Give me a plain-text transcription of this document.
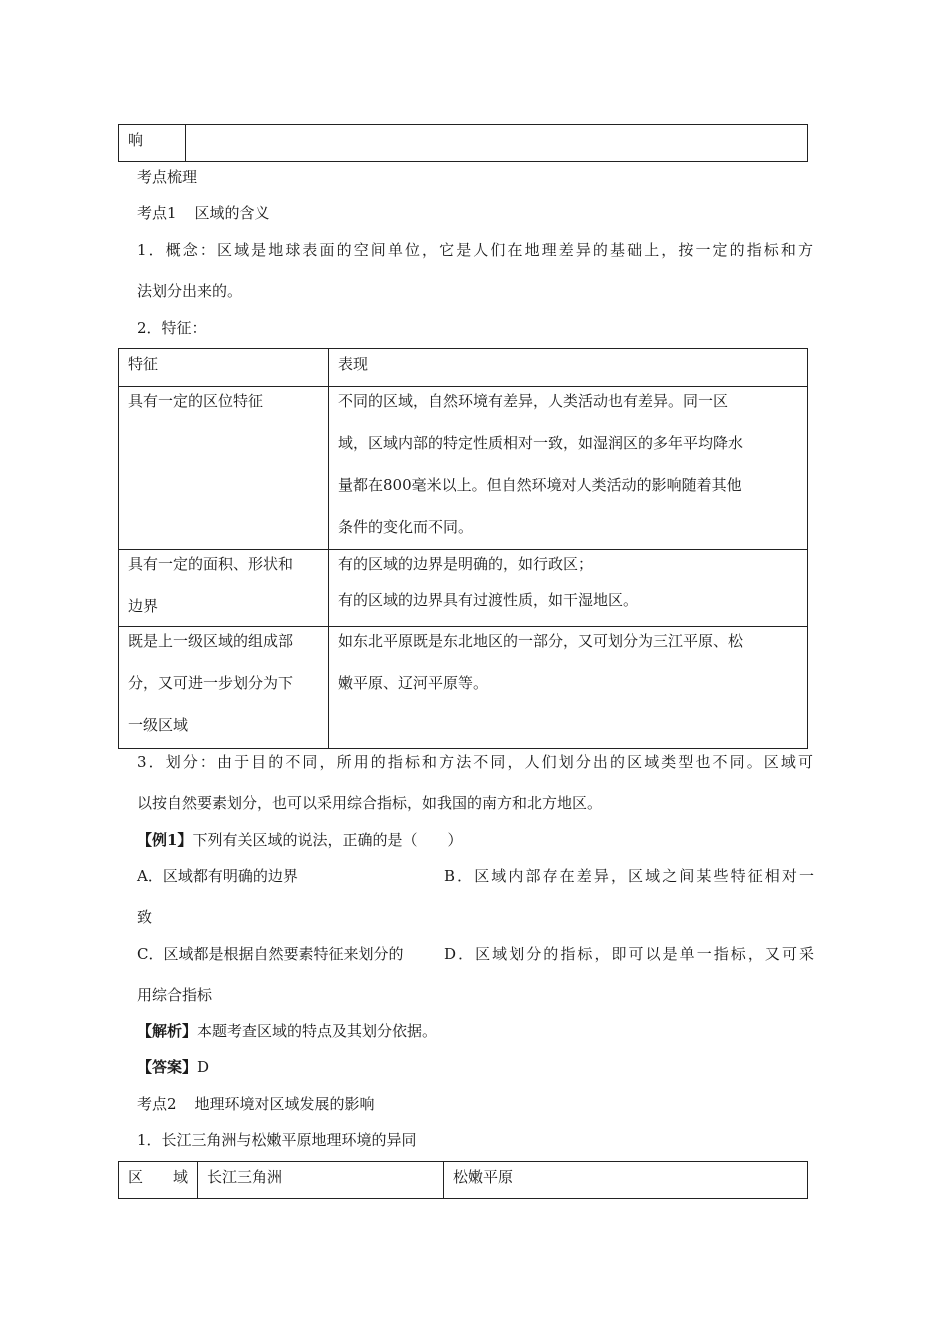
响	
考点梳理
考点1 区域的含义
1．概念：区域是地球表面的空间单位，它是人们在地理差异的基础上，按一定的指标和方
法划分出来的。
2．特征：
特征	表现

具有一定的区位特征	不同的区域，自然环境有差异，人类活动也有差异。同一区
域，区域内部的特定性质相对一致，如湿润区的多年平均降水
量都在800毫米以上。但自然环境对人类活动的影响随着其他
条件的变化而不同。

具有一定的面积、形状和
边界	有的区域的边界是明确的，如行政区；
有的区域的边界具有过渡性质，如干湿地区。

既是上一级区域的组成部
分，又可进一步划分为下
一级区域	如东北平原既是东北地区的一部分，又可划分为三江平原、松
嫩平原、辽河平原等。
3．划分：由于目的不同，所用的指标和方法不同，人们划分出的区域类型也不同。区域可
以按自然要素划分，也可以采用综合指标，如我国的南方和北方地区。
【例1】下列有关区域的说法，正确的是（　　）
A．区域都有明确的边界	B．区域内部存在差异，区域之间某些特征相对一
致
C．区域都是根据自然要素特征来划分的	D．区域划分的指标，即可以是单一指标，又可采
用综合指标
【解析】本题考查区域的特点及其划分依据。
【答案】D
考点2 地理环境对区域发展的影响
1．长江三角洲与松嫩平原地理环境的异同
区　　域	长江三角洲	松嫩平原
